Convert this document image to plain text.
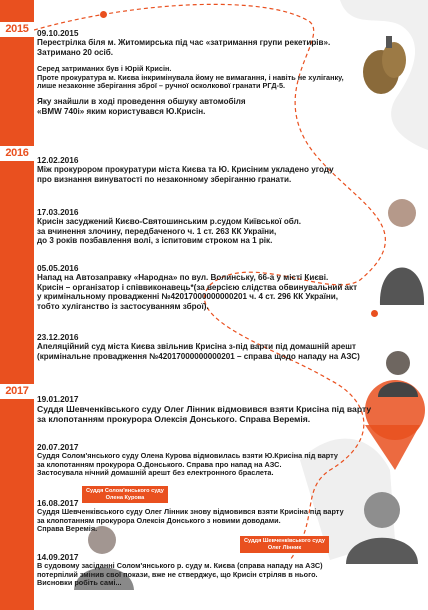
2015
2016
2017
09.10.2015
Перестрілка біля м. Житомирська під час «затримання групи рекетирів».
Затримано 20 осіб.
Серед затриманих був і Юрій Крисін.
Проте прокуратура м. Києва інкримінувала йому не вимагання, і навіть не хуліганку,
лише незаконне зберігання зброї – ручної осколкової гранати РГД-5.
Яку знайшли в ході проведення обшуку автомобіля
«BMW 740i» яким користувався Ю.Крисін.
12.02.2016
Між прокурором прокуратури міста Києва та Ю. Крисіним укладено угоду
про визнання винуватості по незаконному зберіганню гранати.
17.03.2016
Крисін засуджений Києво-Святошинським р.судом Київської обл.
за вчинення злочину, передбаченого ч. 1 ст. 263 КК України,
до 3 років позбавлення волі, з іспитовим строком на 1 рік.
05.05.2016
Напад на Автозаправку «Народна» по вул. Волинську, 66-а у місті Києві.
Крисін – організатор і співвиконавець*(за версією слідства обвинувальний акт
у кримінальному провадженні №42017000000000201 ч. 4 ст. 296 КК України,
тобто хуліганство із застосуванням зброї).
23.12.2016
Апеляційний суд міста Києва звільнив Крисіна з-під варти під домашній арешт
(кримінальне провадження №42017000000000201 – справа щодо нападу на АЗС)
19.01.2017
Суддя Шевченківського суду Олег Лінник відмовився взяти Крисіна під варту
за клопотанням прокурора Олексія Донського. Справа Веремія.
20.07.2017
Суддя Солом'янського суду Олена Курова відмовилась взяти Ю.Крисіна під варту
за клопотанням прокурора О.Донського. Справа про напад на АЗС.
Застосувала нічний домашній арешт без електронного браслета.
Суддя Солом'янського суду
Олена Курова
16.08.2017
Суддя Шевченківського суду Олег Лінник знову відмовився взяти Крисіна під варту
за клопотанням прокурора Олексія Донського з новими доводами.
Справа Веремія.
Суддя Шевченківського суду
Олег Лінник
14.09.2017
В судовому засіданні Солом'янського р. суду м. Києва (справа нападу на АЗС)
потерпілий змінив свої покази, вже не стверджує, що Крисін стріляв в нього.
Висновки робіть самі...
